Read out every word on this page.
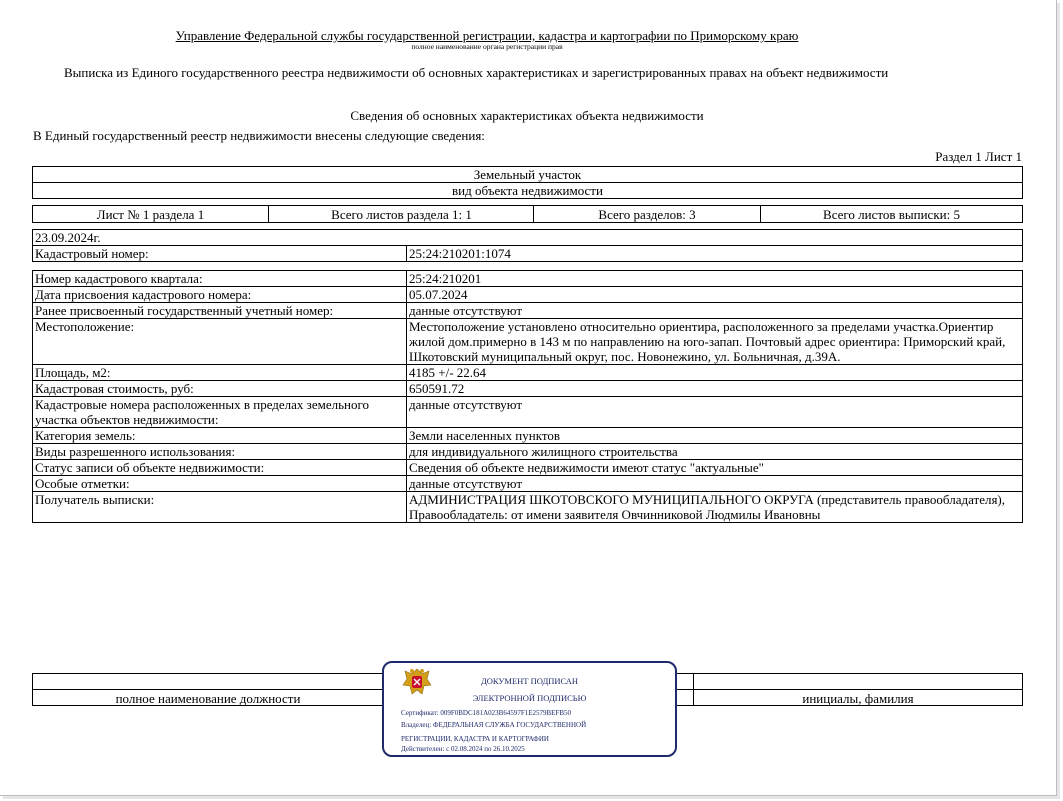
Управление Федеральной службы государственной регистрации, кадастра и картографии по Приморскому краю
полное наименование органа регистрации прав
Выписка из Единого государственного реестра недвижимости об основных характеристиках и зарегистрированных правах на объект недвижимости
Сведения об основных характеристиках объекта недвижимости
В Единый государственный реестр недвижимости внесены следующие сведения:
Раздел 1 Лист 1
Земельный участок
вид объекта недвижимости
Лист № 1 раздела 1	Всего листов раздела 1: 1	Всего разделов: 3	Всего листов выписки: 5
23.09.2024г.
Кадастровый номер:	25:24:210201:1074
Номер кадастрового квартала:	25:24:210201
Дата присвоения кадастрового номера:	05.07.2024
Ранее присвоенный государственный учетный номер:	данные отсутствуют
Местоположение:	Местоположение установлено относительно ориентира, расположенного за пределами участка.Ориентир жилой дом.примерно в 143 м по направлению на юго-запап. Почтовый адрес ориентира: Приморский край, Шкотовский муниципальный округ, пос. Новонежино, ул. Больничная, д.39А.
Площадь, м2:	4185 +/- 22.64
Кадастровая стоимость, руб:	650591.72
Кадастровые номера расположенных в пределах земельного участка объектов недвижимости:	данные отсутствуют
Категория земель:	Земли населенных пунктов
Виды разрешенного использования:	для индивидуального жилищного строительства
Статус записи об объекте недвижимости:	Сведения об объекте недвижимости имеют статус "актуальные"
Особые отметки:	данные отсутствуют
Получатель выписки:	АДМИНИСТРАЦИЯ ШКОТОВСКОГО МУНИЦИПАЛЬНОГО ОКРУГА (представитель правообладателя), Правообладатель: от имени заявителя Овчинниковой Людмилы Ивановны
полное наименование должности	инициалы, фамилия
ДОКУМЕНТ ПОДПИСАН
ЭЛЕКТРОННОЙ ПОДПИСЬЮ
Сертификат: 009F0BDC181A023B64597F1E2579BEFB50
Владелец: ФЕДЕРАЛЬНАЯ СЛУЖБА ГОСУДАРСТВЕННОЙ
РЕГИСТРАЦИИ, КАДАСТРА И КАРТОГРАФИИ
Действителен: с 02.08.2024 по 26.10.2025
